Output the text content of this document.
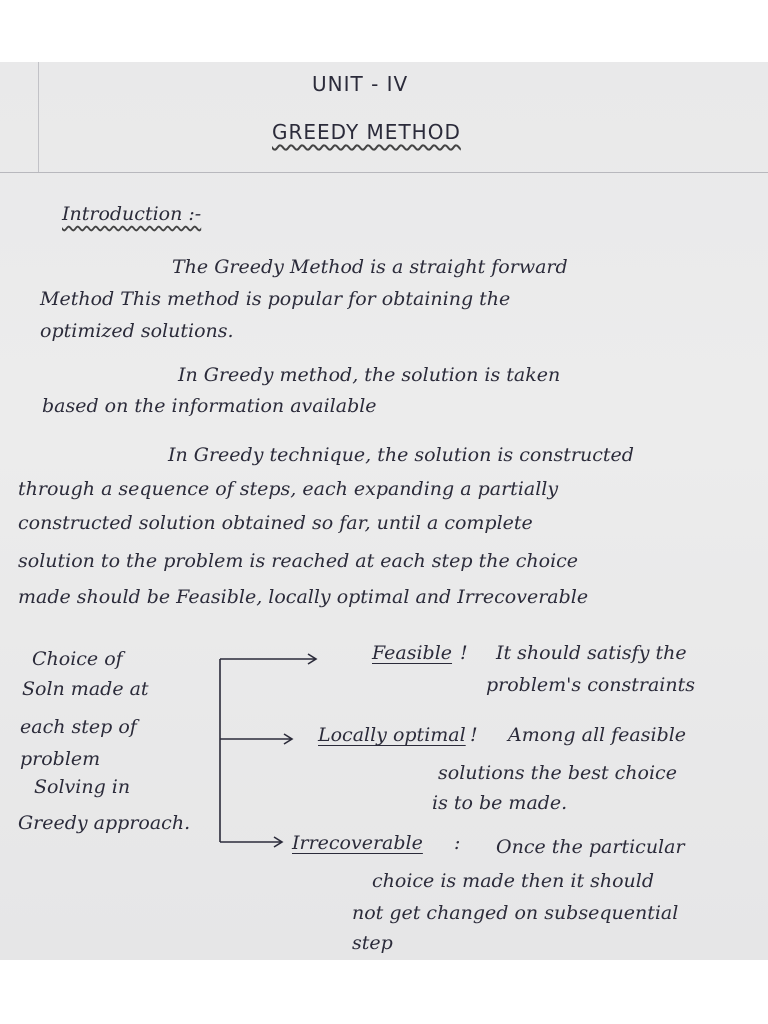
UNIT - IV
GREEDY METHOD
Introduction :-
The Greedy Method is a straight forward
Method This method is popular for obtaining the
optimized solutions.
In Greedy method, the solution is taken
based on the information available
In Greedy technique, the solution is constructed
through a sequence of steps, each expanding a partially
constructed solution obtained so far, until a complete
solution to the problem is reached at each step the choice
made should be Feasible, locally optimal and Irrecoverable
Choice of
Soln made at
each step of
problem
Solving in
Greedy approach.
Feasible ! It should satisfy the
problem's constraints
Locally optimal ! Among all feasible
solutions the best choice
is to be made.
Irrecoverable : Once the particular
choice is made then it should
not get changed on subsequential
step
